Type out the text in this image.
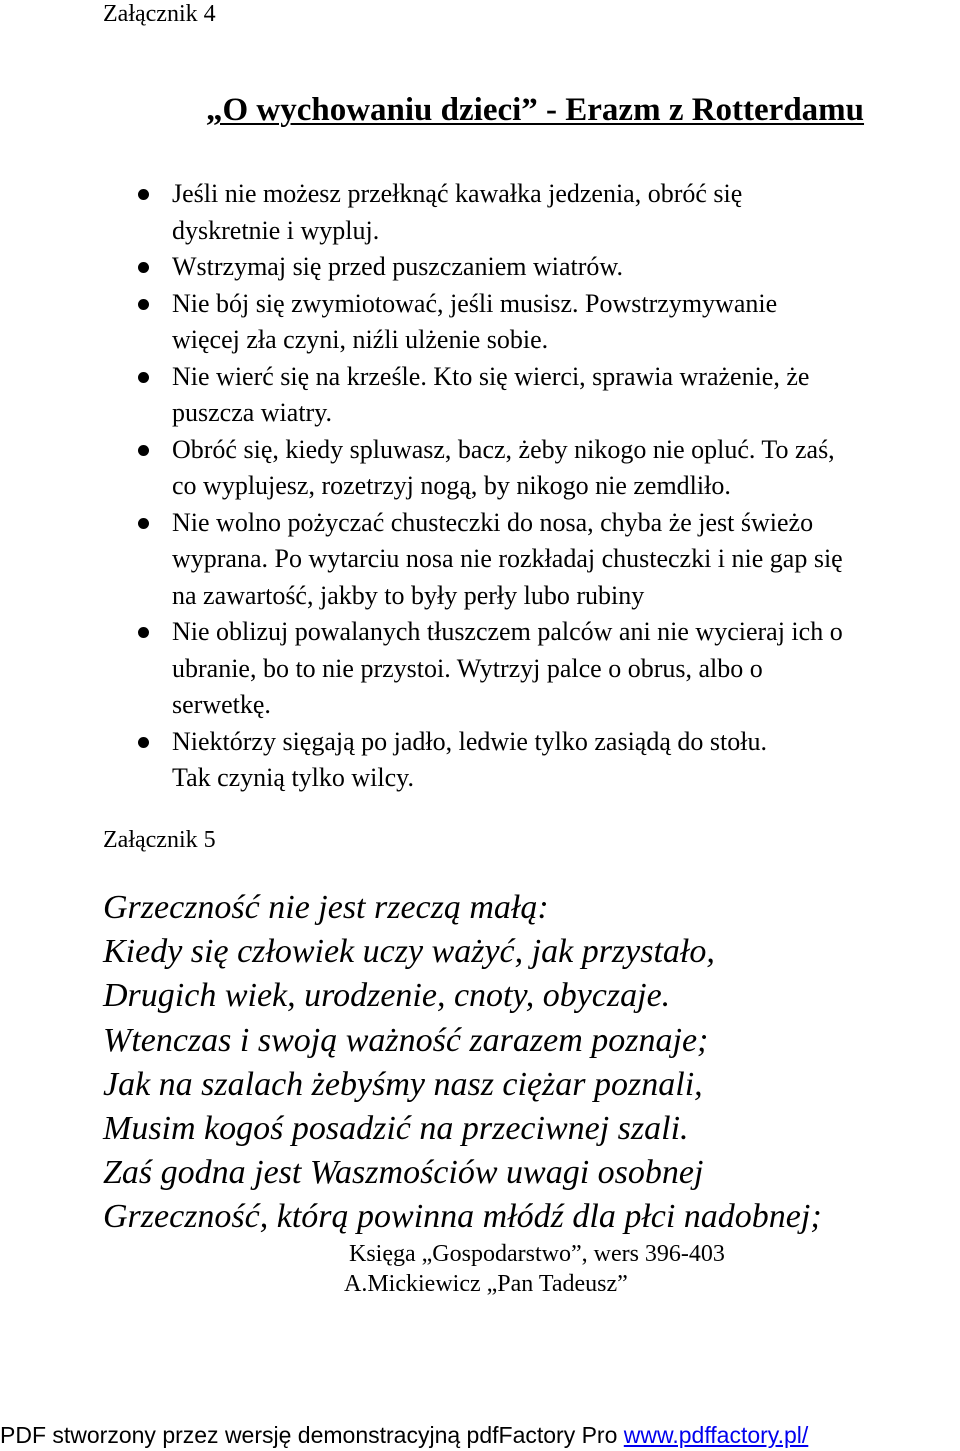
Załącznik 4
„O wychowaniu dzieci” - Erazm z Rotterdamu
Jeśli nie możesz przełknąć kawałka jedzenia, obróć się
dyskretnie i wypluj.
Wstrzymaj się przed puszczaniem wiatrów.
Nie bój się zwymiotować, jeśli musisz. Powstrzymywanie
więcej zła czyni, niźli ulżenie sobie.
Nie wierć się na krześle. Kto się wierci, sprawia wrażenie, że
puszcza wiatry.
Obróć się, kiedy spluwasz, bacz, żeby nikogo nie opluć. To zaś,
co wyplujesz, rozetrzyj nogą, by nikogo nie zemdliło.
Nie wolno pożyczać chusteczki do nosa, chyba że jest świeżo
wyprana. Po wytarciu nosa nie rozkładaj chusteczki i nie gap się
na zawartość, jakby to były perły lubo rubiny
Nie oblizuj powalanych tłuszczem palców ani nie wycieraj ich o
ubranie, bo to nie przystoi. Wytrzyj palce o obrus, albo o
serwetkę.
Niektórzy sięgają po jadło, ledwie tylko zasiądą do stołu.
Tak czynią tylko wilcy.
Załącznik 5
Grzeczność nie jest rzeczą małą:
Kiedy się człowiek uczy ważyć, jak przystało,
Drugich wiek, urodzenie, cnoty, obyczaje.
Wtenczas i swoją ważność zarazem poznaje;
Jak na szalach żebyśmy nasz ciężar poznali,
Musim kogoś posadzić na przeciwnej szali.
Zaś godna jest Waszmościów uwagi osobnej
Grzeczność, którą powinna młódź dla płci nadobnej;
Księga „Gospodarstwo”, wers 396-403
A.Mickiewicz „Pan Tadeusz”
PDF stworzony przez wersję demonstracyjną pdfFactory Pro www.pdffactory.pl/
